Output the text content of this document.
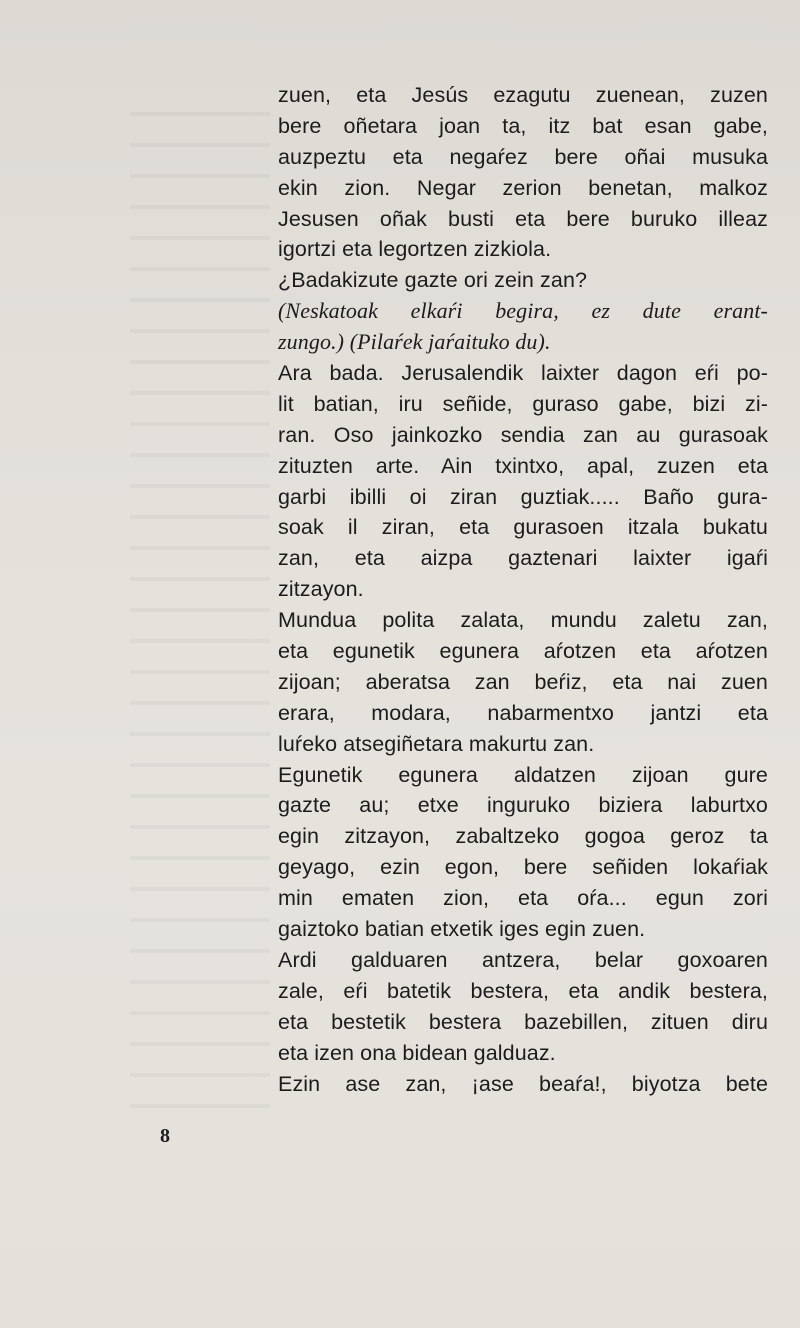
zuen, eta Jesús ezagutu zuenean, zuzen
bere oñetara joan ta, itz bat esan gabe,
auzpeztu eta negaŕez bere oñai musuka
ekin zion. Negar zerion benetan, malkoz
Jesusen oñak busti eta bere buruko illeaz
igortzi eta legortzen zizkiola.
¿Badakizute gazte ori zein zan?
(Neskatoak elkaŕi begira, ez dute erant-
zungo.) (Pilaŕek jaŕaituko du).
Ara bada. Jerusalendik laixter dagon eŕi po-
lit batian, iru señide, guraso gabe, bizi zi-
ran. Oso jainkozko sendia zan au gurasoak
zituzten arte. Ain txintxo, apal, zuzen eta
garbi ibilli oi ziran guztiak..... Baño gura-
soak il ziran, eta gurasoen itzala bukatu
zan, eta aizpa gaztenari laixter igaŕi
zitzayon.
Mundua polita zalata, mundu zaletu zan,
eta egunetik egunera aŕotzen eta aŕotzen
zijoan; aberatsa zan beŕiz, eta nai zuen
erara, modara, nabarmentxo jantzi eta
luŕeko atsegiñetara makurtu zan.
Egunetik egunera aldatzen zijoan gure
gazte au; etxe inguruko biziera laburtxo
egin zitzayon, zabaltzeko gogoa geroz ta
geyago, ezin egon, bere señiden lokaŕiak
min ematen zion, eta oŕa... egun zori
gaiztoko batian etxetik iges egin zuen.
Ardi galduaren antzera, belar goxoaren
zale, eŕi batetik bestera, eta andik bestera,
eta bestetik bestera bazebillen, zituen diru
eta izen ona bidean galduaz.
Ezin ase zan, ¡ase beaŕa!, biyotza bete
8
